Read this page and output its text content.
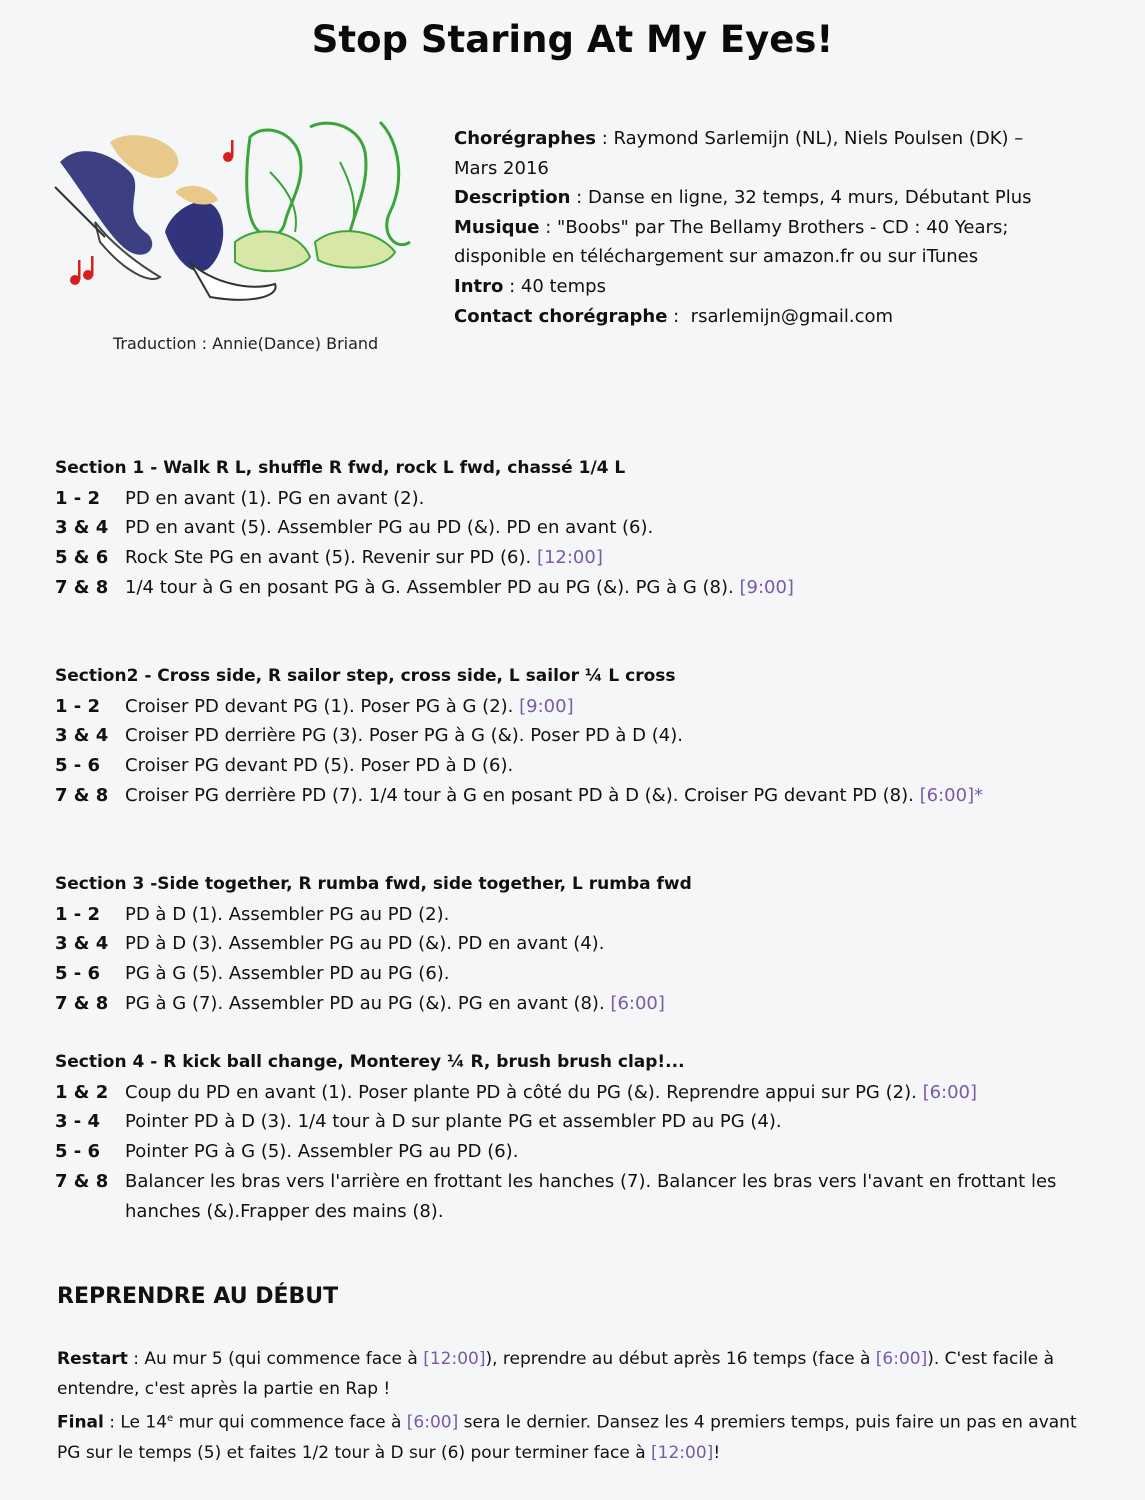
Stop Staring At My Eyes!
Traduction : Annie(Dance) Briand
Chorégraphes : Raymond Sarlemijn (NL), Niels Poulsen (DK) – Mars 2016
Description : Danse en ligne, 32 temps, 4 murs, Débutant Plus
Musique : "Boobs" par The Bellamy Brothers - CD : 40 Years; disponible en téléchargement sur amazon.fr ou sur iTunes
Intro : 40 temps
Contact chorégraphe :  rsarlemijn@gmail.com
Section 1 - Walk R L, shuffle R fwd, rock L fwd, chassé 1/4 L
1 - 2	PD en avant (1). PG en avant (2).
3 & 4 PD en avant (5). Assembler PG au PD (&). PD en avant (6).
5 & 6 Rock Ste PG en avant (5). Revenir sur PD (6). [12:00]
7 & 8 1/4 tour à G en posant PG à G. Assembler PD au PG (&). PG à G (8). [9:00]
Section2 - Cross side, R sailor step, cross side, L sailor ¼ L cross
1 - 2	Croiser PD devant PG (1). Poser PG à G (2). [9:00]
3 & 4 Croiser PD derrière PG (3). Poser PG à G (&). Poser PD à D (4).
5 - 6	Croiser PG devant PD (5). Poser PD à D (6).
7 & 8 Croiser PG derrière PD (7). 1/4 tour à G en posant PD à D (&). Croiser PG devant PD (8). [6:00]*
Section 3 -Side together, R rumba fwd, side together, L rumba fwd
1 - 2	PD à D (1). Assembler PG au PD (2).
3 & 4 PD à D (3). Assembler PG au PD (&). PD en avant (4).
5 - 6	PG à G (5). Assembler PD au PG (6).
7 & 8 PG à G (7). Assembler PD au PG (&). PG en avant (8). [6:00]
Section 4 - R kick ball change, Monterey ¼ R, brush brush clap!...
1 & 2 Coup du PD en avant (1). Poser plante PD à côté du PG (&). Reprendre appui sur PG (2). [6:00]
3 - 4	Pointer PD à D (3). 1/4 tour à D sur plante PG et assembler PD au PG (4).
5 - 6	Pointer PG à G (5). Assembler PG au PD (6).
7 & 8 Balancer les bras vers l'arrière en frottant les hanches (7). Balancer les bras vers l'avant en frottant les hanches (&).Frapper des mains (8).
REPRENDRE AU DÉBUT
Restart : Au mur 5 (qui commence face à [12:00]), reprendre au début après 16 temps (face à [6:00]). C'est facile à entendre, c'est après la partie en Rap !
Final : Le 14e mur qui commence face à [6:00] sera le dernier. Dansez les 4 premiers temps, puis faire un pas en avant PG sur le temps (5) et faites 1/2 tour à D sur (6) pour terminer face à [12:00]!
